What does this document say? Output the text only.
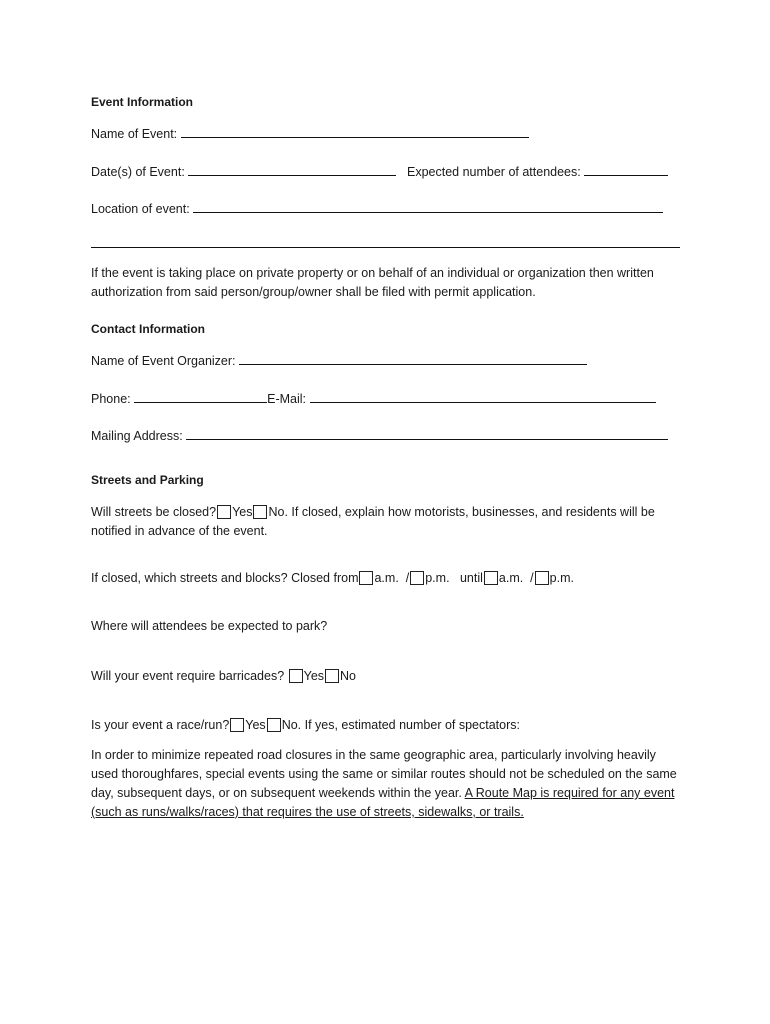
Event Information
Name of Event:
Date(s) of Event:	Expected number of attendees:
Location of event:
If the event is taking place on private property or on behalf of an individual or organization then written authorization from said person/group/owner shall be filed with permit application.
Contact Information
Name of Event Organizer:
Phone:	E-Mail:
Mailing Address:
Streets and Parking
Will streets be closed? Yes No. If closed, explain how motorists, businesses, and residents will be notified in advance of the event.
If closed, which streets and blocks? Closed from a.m. / p.m. until a.m. / p.m.
Where will attendees be expected to park?
Will your event require barricades? Yes No
Is your event a race/run? Yes No. If yes, estimated number of spectators:
In order to minimize repeated road closures in the same geographic area, particularly involving heavily used thoroughfares, special events using the same or similar routes should not be scheduled on the same day, subsequent days, or on subsequent weekends within the year. A Route Map is required for any event (such as runs/walks/races) that requires the use of streets, sidewalks, or trails.
